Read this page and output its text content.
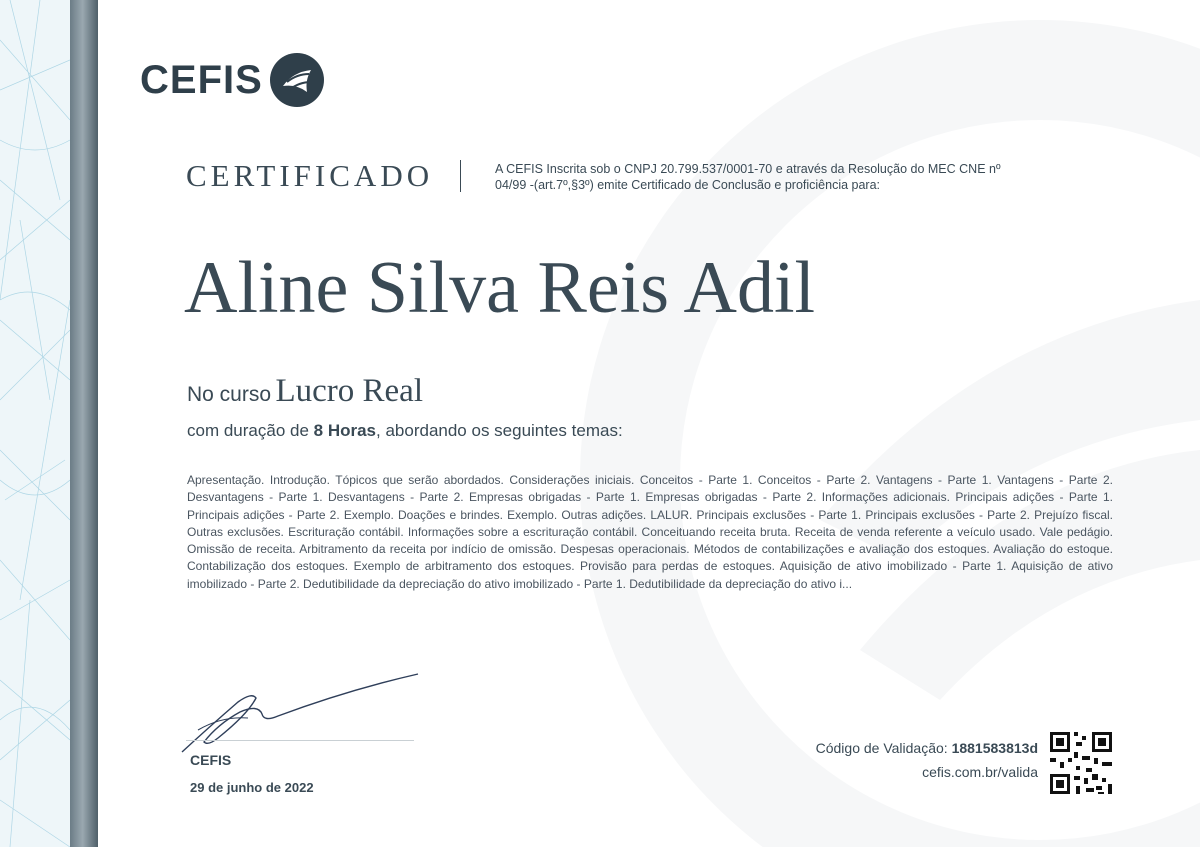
CEFIS
CERTIFICADO	A CEFIS Inscrita sob o CNPJ 20.799.537/0001-70 e através da Resolução do MEC CNE nº 04/99 -(art.7º,§3º) emite Certificado de Conclusão e proficiência para:
Aline Silva Reis Adil
No curso Lucro Real
com duração de 8 Horas, abordando os seguintes temas:
Apresentação. Introdução. Tópicos que serão abordados. Considerações iniciais. Conceitos - Parte 1. Conceitos - Parte 2. Vantagens - Parte 1. Vantagens - Parte 2. Desvantagens - Parte 1. Desvantagens - Parte 2. Empresas obrigadas - Parte 1. Empresas obrigadas - Parte 2. Informações adicionais. Principais adições - Parte 1. Principais adições - Parte 2. Exemplo. Doações e brindes. Exemplo. Outras adições. LALUR. Principais exclusões - Parte 1. Principais exclusões - Parte 2. Prejuízo fiscal. Outras exclusões. Escrituração contábil. Informações sobre a escrituração contábil. Conceituando receita bruta. Receita de venda referente a veículo usado. Vale pedágio. Omissão de receita. Arbitramento da receita por indício de omissão. Despesas operacionais. Métodos de contabilizações e avaliação dos estoques. Avaliação do estoque. Contabilização dos estoques. Exemplo de arbitramento dos estoques. Provisão para perdas de estoques. Aquisição de ativo imobilizado - Parte 1. Aquisição de ativo imobilizado - Parte 2. Dedutibilidade da depreciação do ativo imobilizado - Parte 1. Dedutibilidade da depreciação do ativo i...
CEFIS
29 de junho de 2022
Código de Validação: 1881583813d
cefis.com.br/valida
